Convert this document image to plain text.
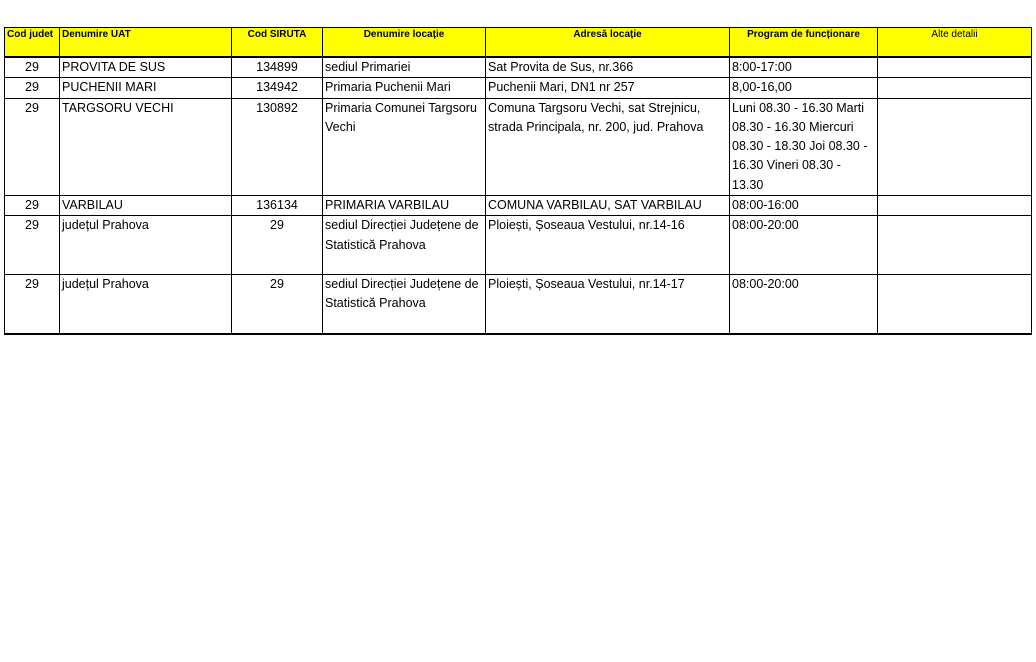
Cod judet	Denumire UAT	Cod SIRUTA	Denumire locație	Adresă locație	Program de funcționare	Alte detalii
29	PROVITA DE SUS	134899	sediul Primariei	Sat Provita de Sus, nr.366	8:00-17:00	
29	PUCHENII MARI	134942	Primaria Puchenii Mari	Puchenii Mari, DN1 nr 257	8,00-16,00	
29	TARGSORU VECHI	130892	Primaria Comunei Targsoru Vechi	Comuna Targsoru Vechi, sat Strejnicu, strada Principala, nr. 200, jud. Prahova	Luni 08.30 - 16.30 Marti 08.30 - 16.30 Miercuri 08.30 - 18.30 Joi 08.30 - 16.30 Vineri 08.30 - 13.30	
29	VARBILAU	136134	PRIMARIA VARBILAU	COMUNA VARBILAU, SAT VARBILAU	08:00-16:00	
29	județul Prahova	29	sediul Direcției Județene de Statistică Prahova	Ploiești, Șoseaua Vestului, nr.14-16	08:00-20:00	
29	județul Prahova	29	sediul Direcției Județene de Statistică Prahova	Ploiești, Șoseaua Vestului, nr.14-17	08:00-20:00	
